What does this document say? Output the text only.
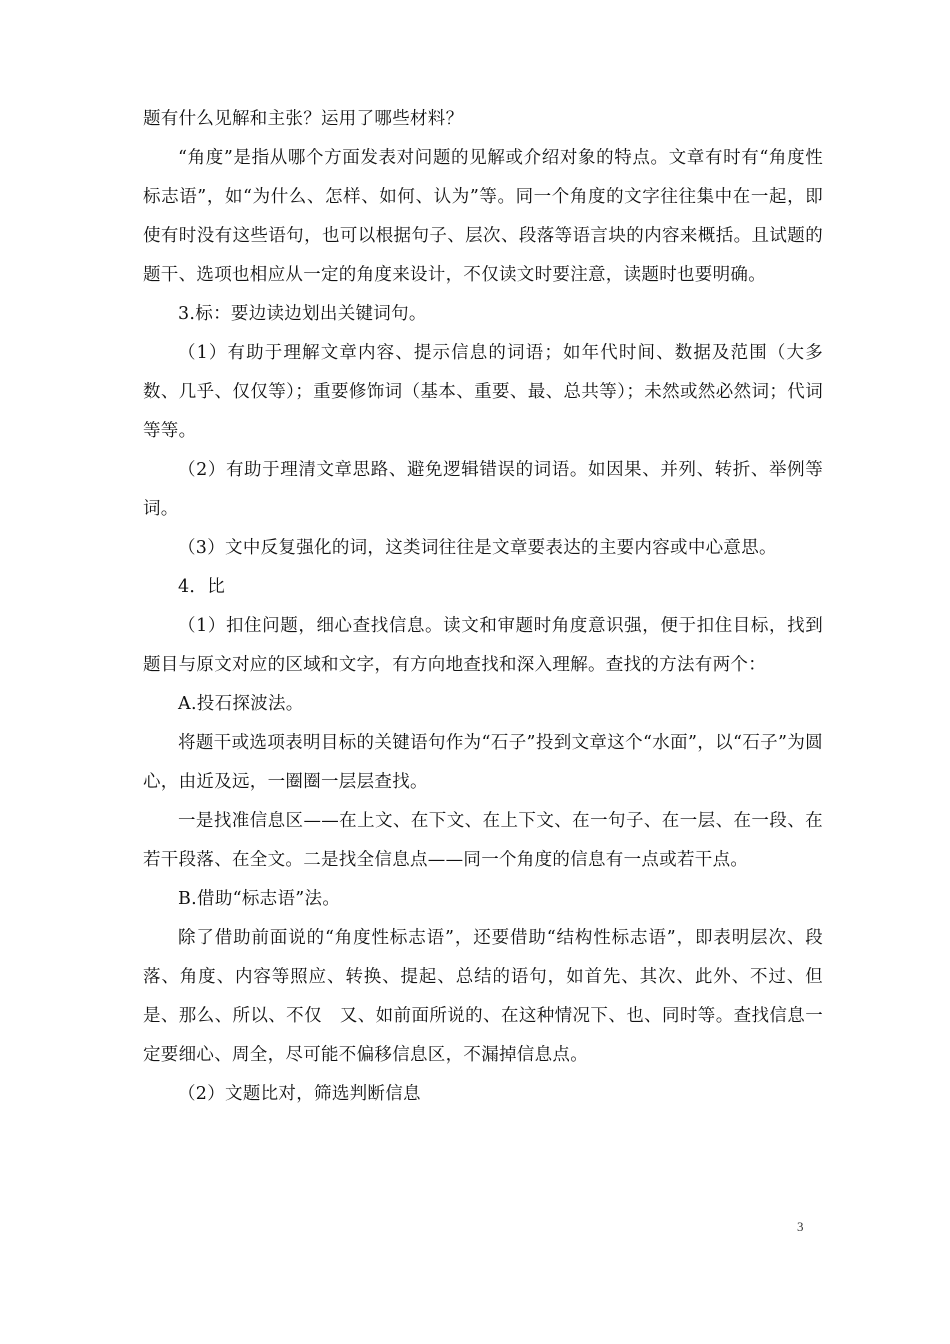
题有什么见解和主张？运用了哪些材料？

“角度”是指从哪个方面发表对问题的见解或介绍对象的特点。文章有时有“角度性标志语”，如“为什么、怎样、如何、认为”等。同一个角度的文字往往集中在一起，即使有时没有这些语句，也可以根据句子、层次、段落等语言块的内容来概括。且试题的题干、选项也相应从一定的角度来设计，不仅读文时要注意，读题时也要明确。

3.标：要边读边划出关键词句。

（1）有助于理解文章内容、提示信息的词语；如年代时间、数据及范围（大多数、几乎、仅仅等）；重要修饰词（基本、重要、最、总共等）；未然或然必然词；代词等等。

（2）有助于理清文章思路、避免逻辑错误的词语。如因果、并列、转折、举例等词。

（3）文中反复强化的词，这类词往往是文章要表达的主要内容或中心意思。

4．比

（1）扣住问题，细心查找信息。读文和审题时角度意识强，便于扣住目标，找到题目与原文对应的区域和文字，有方向地查找和深入理解。查找的方法有两个：

A.投石探波法。

将题干或选项表明目标的关键语句作为“石子”投到文章这个“水面”，以“石子”为圆心，由近及远，一圈圈一层层查找。

一是找准信息区——在上文、在下文、在上下文、在一句子、在一层、在一段、在若干段落、在全文。二是找全信息点——同一个角度的信息有一点或若干点。

B.借助“标志语”法。

除了借助前面说的“角度性标志语”，还要借助“结构性标志语”，即表明层次、段落、角度、内容等照应、转换、提起、总结的语句，如首先、其次、此外、不过、但是、那么、所以、不仅　又、如前面所说的、在这种情况下、也、同时等。查找信息一定要细心、周全，尽可能不偏移信息区，不漏掉信息点。

（2）文题比对，筛选判断信息

3
